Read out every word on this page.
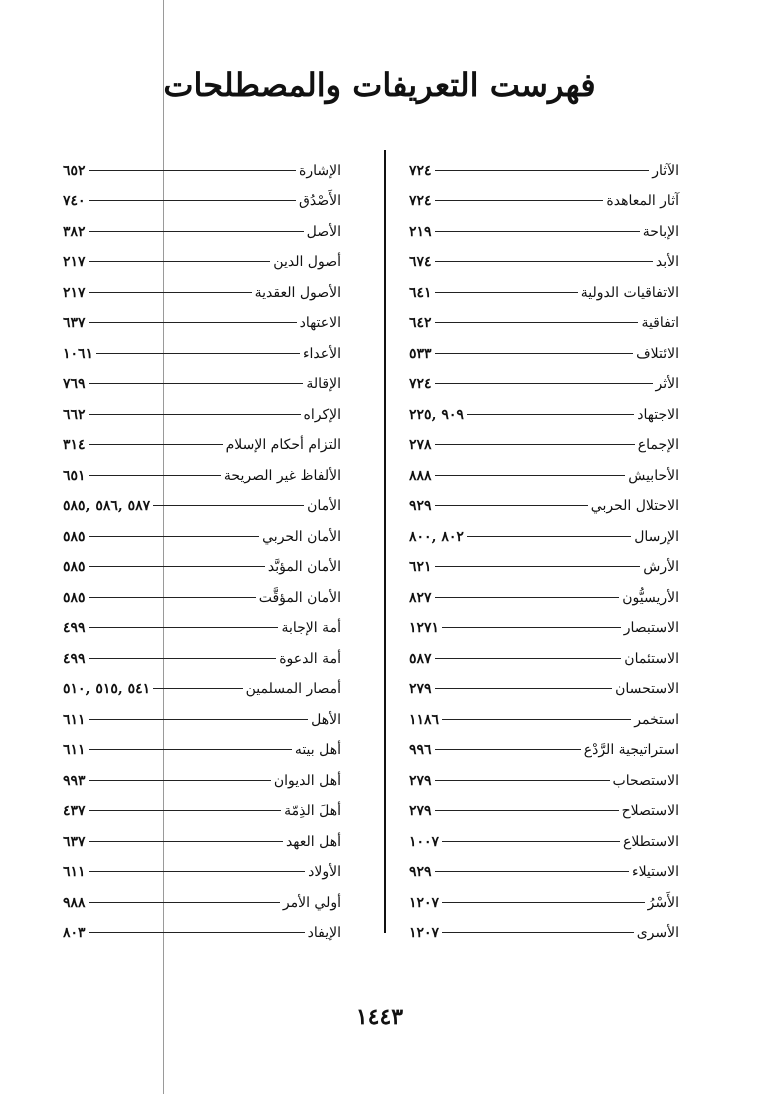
فهرست التعريفات والمصطلحات
الآثار
٧٢٤
آثار المعاهدة
٧٢٤
الإباحة
٢١٩
الأبد
٦٧٤
الاتفاقيات الدولية
٦٤١
اتفاقية
٦٤٢
الائتلاف
٥٣٣
الأثر
٧٢٤
الاجتهاد
٩٠٩ ,٢٢٥
الإجماع
٢٧٨
الأحابيش
٨٨٨
الاحتلال الحربي
٩٢٩
الإرسال
٨٠٢ ,٨٠٠
الأرش
٦٢١
الأريسيُّون
٨٢٧
الاستبصار
١٢٧١
الاستئمان
٥٨٧
الاستحسان
٢٧٩
استخمر
١١٨٦
استراتيجية الرَّدْع
٩٩٦
الاستصحاب
٢٧٩
الاستصلاح
٢٧٩
الاستطلاع
١٠٠٧
الاستيلاء
٩٢٩
الأَسْرُ
١٢٠٧
الأسرى
١٢٠٧
الإشارة
٦٥٢
الأَصْدُق
٧٤٠
الأصل
٣٨٢
أصول الدين
٢١٧
الأصول العقدية
٢١٧
الاعتهاد
٦٣٧
الأعداء
١٠٦١
الإقالة
٧٦٩
الإكراه
٦٦٢
التزام أحكام الإسلام
٣١٤
الألفاظ غير الصريحة
٦٥١
الأمان
٥٨٧ ,٥٨٦ ,٥٨٥
الأمان الحربي
٥٨٥
الأمان المؤبَّد
٥٨٥
الأمان المؤقَّت
٥٨٥
أمة الإجابة
٤٩٩
أمة الدعوة
٤٩٩
أمصار المسلمين
٥٤١ ,٥١٥ ,٥١٠
الأهل
٦١١
أهل بيته
٦١١
أهل الديوان
٩٩٣
أهلَ الذِمّة
٤٣٧
أهل العهد
٦٣٧
الأولاد
٦١١
أولي الأمر
٩٨٨
الإيفاد
٨٠٣
١٤٤٣
